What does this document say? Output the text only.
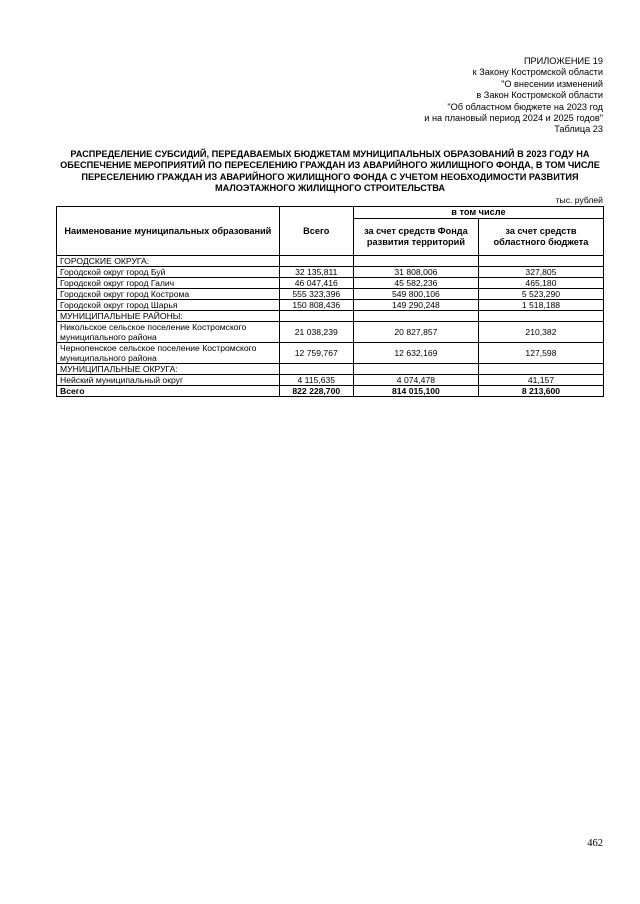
ПРИЛОЖЕНИЕ 19
к Закону Костромской области
"О внесении изменений
в Закон Костромской области
"Об областном бюджете на 2023 год
и на плановый период 2024 и 2025 годов"
Таблица 23
РАСПРЕДЕЛЕНИЕ СУБСИДИЙ, ПЕРЕДАВАЕМЫХ БЮДЖЕТАМ МУНИЦИПАЛЬНЫХ ОБРАЗОВАНИЙ В 2023 ГОДУ НА ОБЕСПЕЧЕНИЕ МЕРОПРИЯТИЙ ПО ПЕРЕСЕЛЕНИЮ ГРАЖДАН ИЗ АВАРИЙНОГО ЖИЛИЩНОГО ФОНДА, В ТОМ ЧИСЛЕ ПЕРЕСЕЛЕНИЮ ГРАЖДАН ИЗ АВАРИЙНОГО ЖИЛИЩНОГО ФОНДА С УЧЕТОМ НЕОБХОДИМОСТИ РАЗВИТИЯ МАЛОЭТАЖНОГО ЖИЛИЩНОГО СТРОИТЕЛЬСТВА
тыс. рублей
Наименование муниципальных образований	Всего	в том числе	
		за счет средств Фонда развития территорий	за счет средств областного бюджета
ГОРОДСКИЕ ОКРУГА:			
Городской округ город Буй	32 135,811	31 808,006	327,805
Городской округ город Галич	46 047,416	45 582,236	465,180
Городской округ город Кострома	555 323,396	549 800,106	5 523,290
Городской округ город Шарья	150 808,436	149 290,248	1 518,188
МУНИЦИПАЛЬНЫЕ РАЙОНЫ:			
Никольское сельское поселение Костромского муниципального района	21 038,239	20 827,857	210,382
Чернопенское сельское поселение Костромского муниципального района	12 759,767	12 632,169	127,598
МУНИЦИПАЛЬНЫЕ ОКРУГА:			
Нейский муниципальный округ	4 115,635	4 074,478	41,157
Всего	822 228,700	814 015,100	8 213,600
462
